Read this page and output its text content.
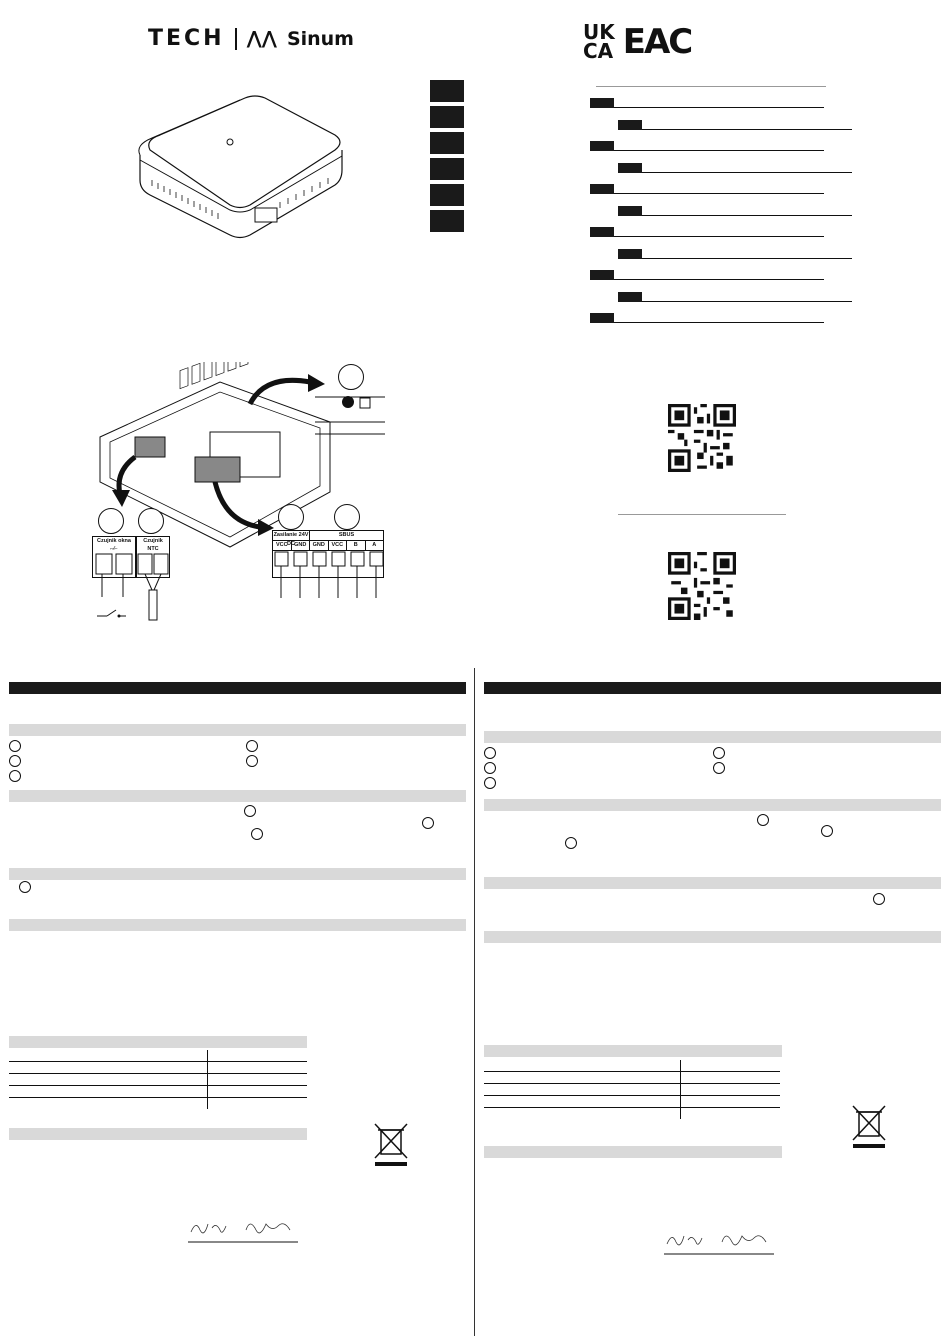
TECH ⋀⋀ Sinum	UK
CA EAC
Czujnik okna
⌐⁄⌐
Czujnik
NTC
Zasilanie 24V DC
SBUS
VCC	GND	GND	VCC	B	A
